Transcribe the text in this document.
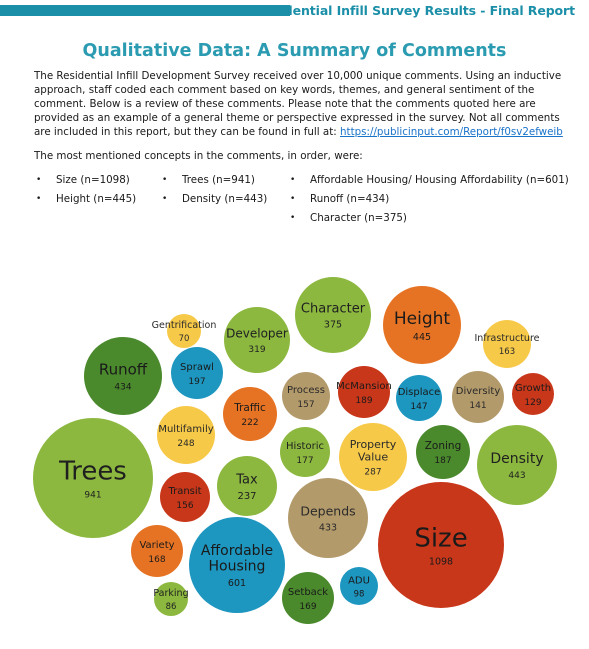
Residential Infill Survey Results - Final Report
Qualitative Data: A Summary of Comments

The Residential Infill Development Survey received over 10,000 unique comments. Using an inductive approach, staff coded each comment based on key words, themes, and general sentiment of the comment. Below is a review of these comments. Please note that the comments quoted here are provided as an example of a general theme or perspective expressed in the survey. Not all comments are included in this report, but they can be found in full at: https://publicinput.com/Report/f0sv2efweib

The most mentioned concepts in the comments, in order, were:

• Size (n=1098)
• Height (n=445)
• Trees (n=941)
• Density (n=443)
• Affordable Housing/ Housing Affordability (n=601)
• Runoff (n=434)
• Character (n=375)
Gentrification
70	Developer
319
Character
375	Height
445	Infrastructure
163
Runoff
434
Sprawl
197
Process
157
McMansion
189
Displace
147
Diversity
141
Growth
129
Traffic
222
Multifamily
248	Historic
177
Property
Value
287
Zoning
187	Density
443
Trees
941
Tax
237
Transit
156	Depends
433	Size
1098
Variety
168
Affordable
Housing
601	ADU
98
Parking
86
Setback
169
